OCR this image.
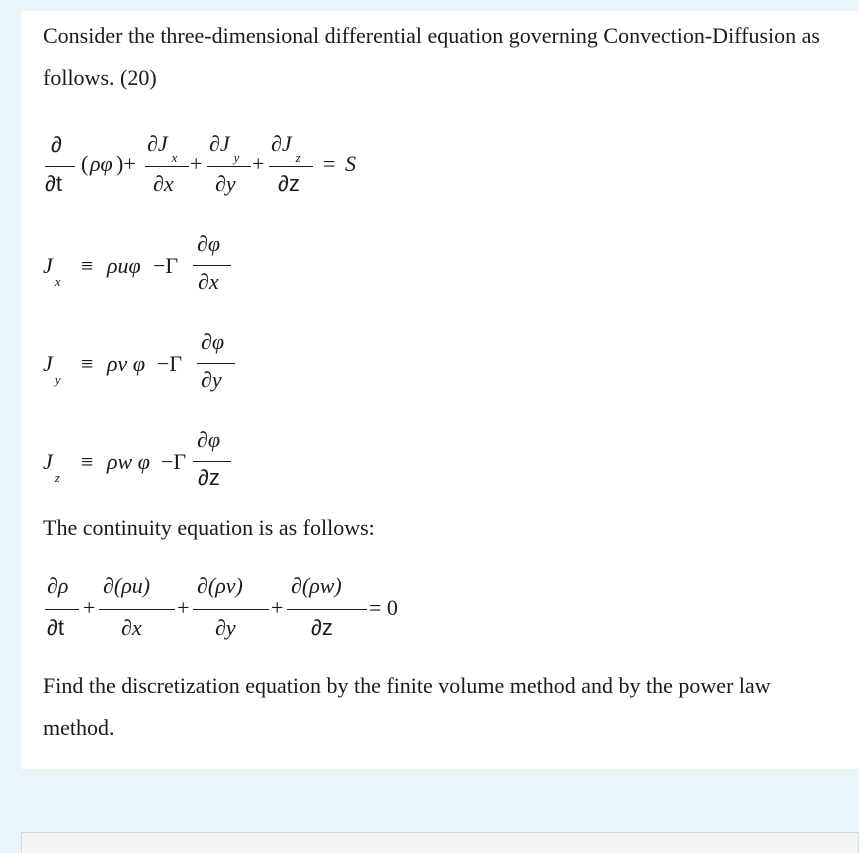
Consider the three-dimensional differential equation governing Convection-Diffusion as follows. (20)

∂
∂t
( ρφ )+
$\partial J_x$
∂x
+
$\partial J_y$
∂y
+
$\partial J_z$
∂z
= S
$J_x$
≡ ρuφ −Γ
∂φ
∂x
$J_y$
≡ ρv φ −Γ
∂φ
∂y
$J_z$
≡ ρw φ −Γ
∂φ
∂z

The continuity equation is as follows:

∂ρ
∂t
+
∂(ρu)
∂x
+
∂(ρv)
∂y
+
∂(ρw)
∂z
= 0

Find the discretization equation by the finite volume method and by the power law method.
